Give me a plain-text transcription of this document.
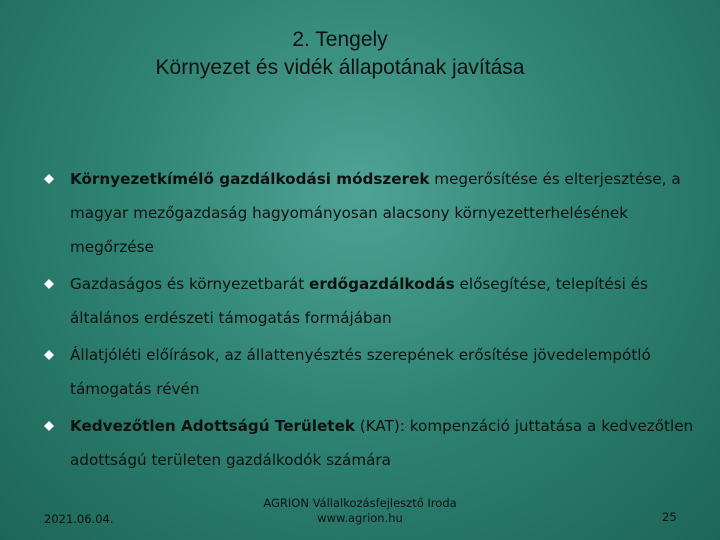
2. Tengely
Környezet és vidék állapotának javítása
Környezetkímélő gazdálkodási módszerek megerősítése és elterjesztése, a magyar mezőgazdaság hagyományosan alacsony környezetterhelésének megőrzése
Gazdaságos és környezetbarát erdőgazdálkodás elősegítése, telepítési és általános erdészeti támogatás formájában
Állatjóléti előírások, az állattenyésztés szerepének erősítése jövedelempótló támogatás révén
Kedvezőtlen Adottságú Területek (KAT): kompenzáció juttatása a kedvezőtlen adottságú területen gazdálkodók számára
2021.06.04.
AGRION Vállalkozásfejlesztő Iroda
www.agrion.hu	25
